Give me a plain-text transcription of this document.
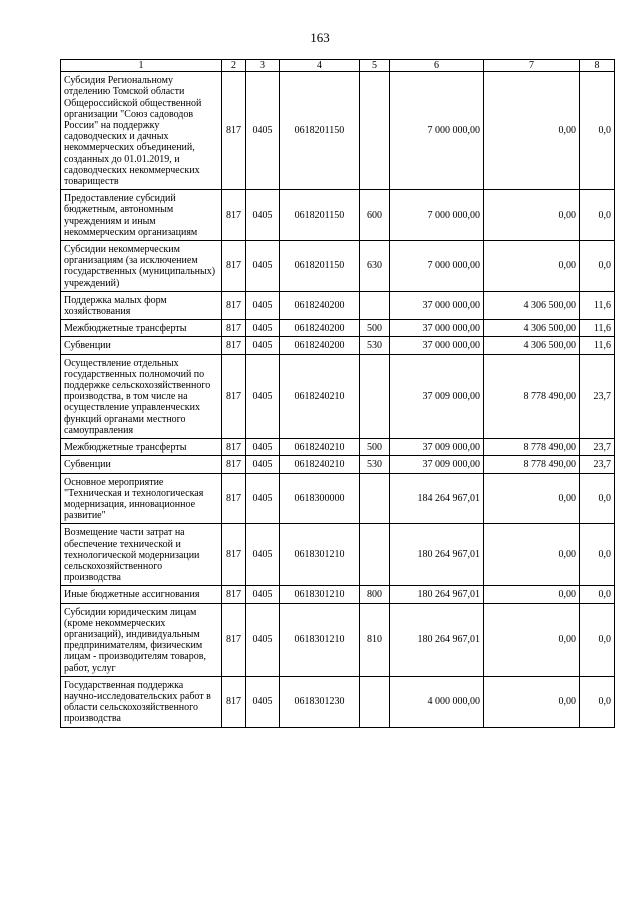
163
1	2	3	4	5	6	7	8

Субсидия Региональному отделению Томской области Общероссийской общественной организации "Союз садоводов России" на поддержку садоводческих и дачных некоммерческих объединений, созданных до 01.01.2019, и садоводческих некоммерческих товариществ	817	0405	0618201150		7 000 000,00	0,00	0,0

Предоставление субсидий бюджетным, автономным учреждениям и иным некоммерческим организациям	817	0405	0618201150	600	7 000 000,00	0,00	0,0

Субсидии некоммерческим организациям (за исключением государственных (муниципальных) учреждений)	817	0405	0618201150	630	7 000 000,00	0,00	0,0

Поддержка малых форм хозяйствования	817	0405	0618240200		37 000 000,00	4 306 500,00	11,6

Межбюджетные трансферты	817	0405	0618240200	500	37 000 000,00	4 306 500,00	11,6

Субвенции	817	0405	0618240200	530	37 000 000,00	4 306 500,00	11,6

Осуществление отдельных государственных полномочий по поддержке сельскохозяйственного производства, в том числе на осуществление управленческих функций органами местного самоуправления	817	0405	0618240210		37 009 000,00	8 778 490,00	23,7

Межбюджетные трансферты	817	0405	0618240210	500	37 009 000,00	8 778 490,00	23,7

Субвенции	817	0405	0618240210	530	37 009 000,00	8 778 490,00	23,7

Основное мероприятие "Техническая и технологическая модернизация, инновационное развитие"	817	0405	0618300000		184 264 967,01	0,00	0,0

Возмещение части затрат на обеспечение технической и технологической модернизации сельскохозяйственного производства	817	0405	0618301210		180 264 967,01	0,00	0,0

Иные бюджетные ассигнования	817	0405	0618301210	800	180 264 967,01	0,00	0,0

Субсидии юридическим лицам (кроме некоммерческих организаций), индивидуальным предпринимателям, физическим лицам - производителям товаров, работ, услуг	817	0405	0618301210	810	180 264 967,01	0,00	0,0

Государственная поддержка научно-исследовательских работ в области сельскохозяйственного производства	817	0405	0618301230		4 000 000,00	0,00	0,0
